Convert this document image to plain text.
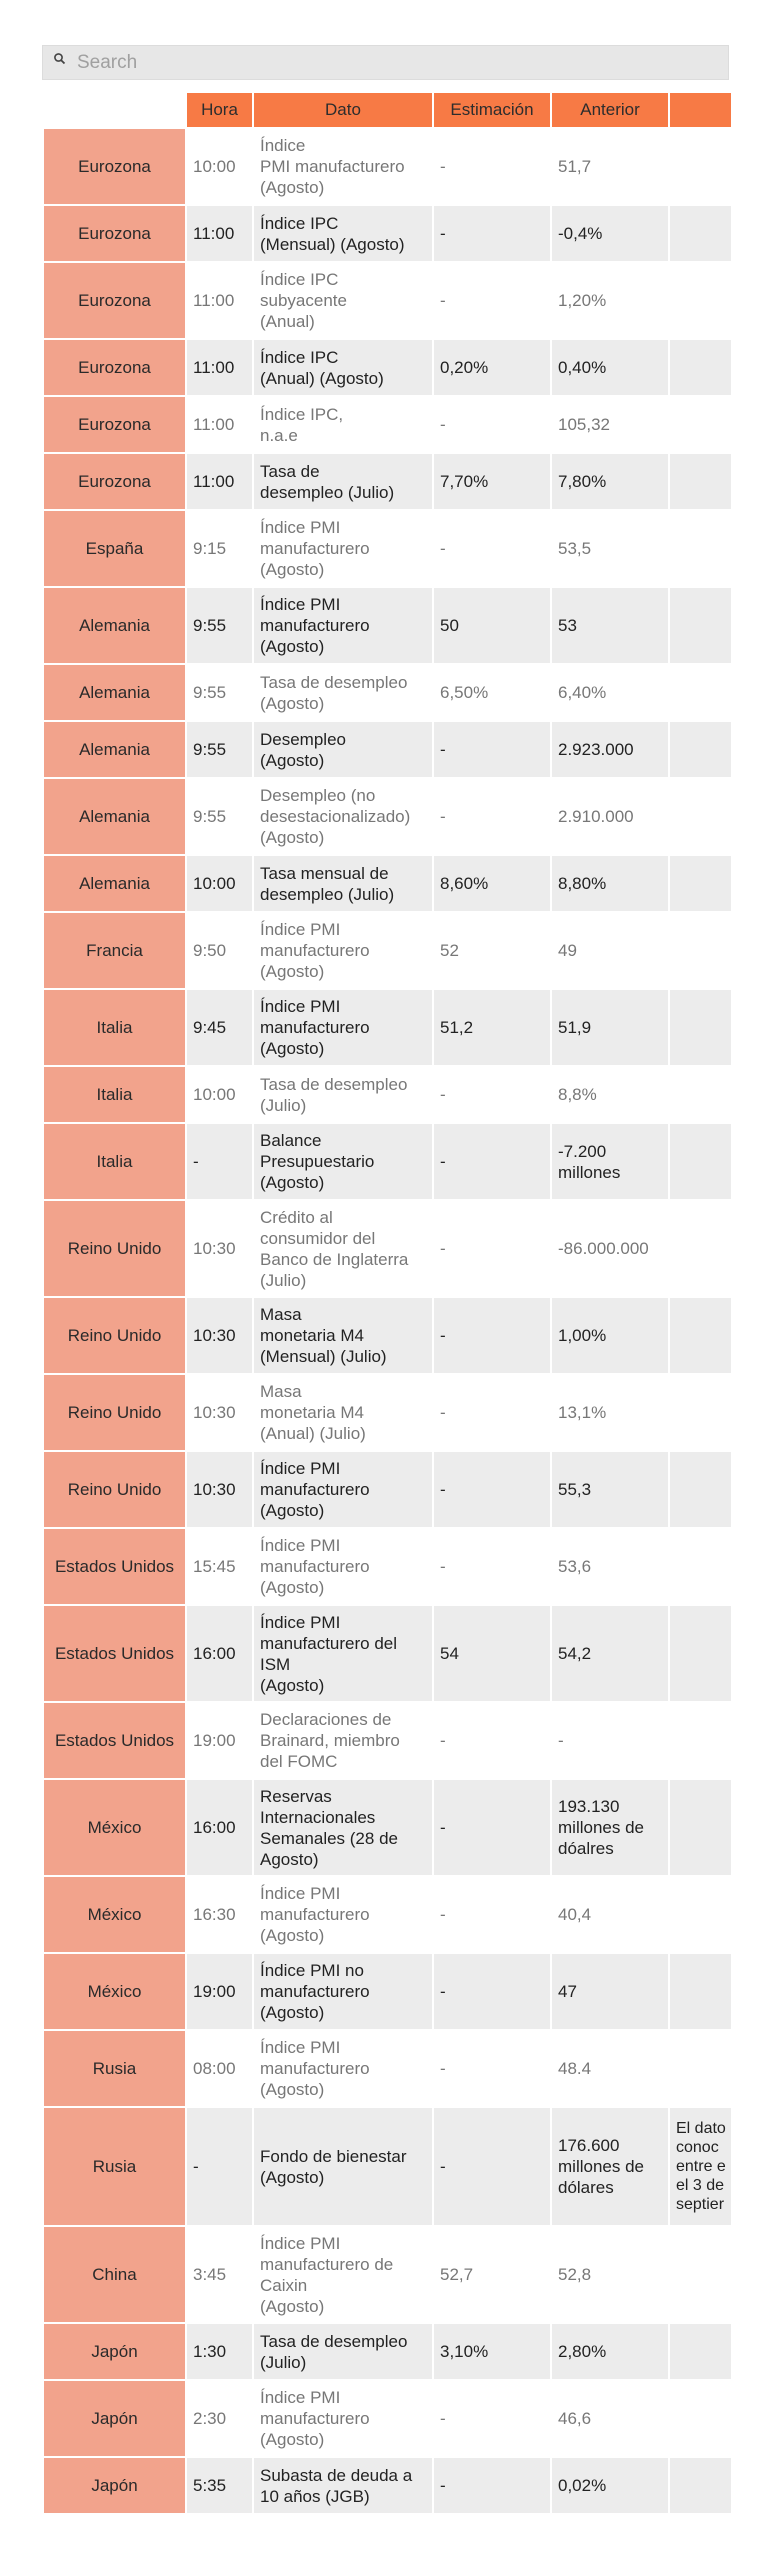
Search
	Hora	Dato	Estimación	Anterior	
Eurozona	10:00	Índice
PMI manufacturero
(Agosto)	-	51,7	
Eurozona	11:00	Índice IPC
(Mensual) (Agosto)	-	-0,4%	
Eurozona	11:00	Índice IPC
subyacente
(Anual)	-	1,20%	
Eurozona	11:00	Índice IPC
(Anual) (Agosto)	0,20%	0,40%	
Eurozona	11:00	Índice IPC,
n.a.e	-	105,32	
Eurozona	11:00	Tasa de
desempleo (Julio)	7,70%	7,80%	
España	9:15	Índice PMI
manufacturero
(Agosto)	-	53,5	
Alemania	9:55	Índice PMI
manufacturero
(Agosto)	50	53	
Alemania	9:55	Tasa de desempleo
(Agosto)	6,50%	6,40%	
Alemania	9:55	Desempleo
(Agosto)	-	2.923.000	
Alemania	9:55	Desempleo (no
desestacionalizado)
(Agosto)	-	2.910.000	
Alemania	10:00	Tasa mensual de
desempleo (Julio)	8,60%	8,80%	
Francia	9:50	Índice PMI
manufacturero
(Agosto)	52	49	
Italia	9:45	Índice PMI
manufacturero
(Agosto)	51,2	51,9	
Italia	10:00	Tasa de desempleo
(Julio)	-	8,8%	
Italia	-	Balance
Presupuestario
(Agosto)	-	-7.200
millones	
Reino Unido	10:30	Crédito al
consumidor del
Banco de Inglaterra
(Julio)	-	-86.000.000	
Reino Unido	10:30	Masa
monetaria M4
(Mensual) (Julio)	-	1,00%	
Reino Unido	10:30	Masa
monetaria M4
(Anual) (Julio)	-	13,1%	
Reino Unido	10:30	Índice PMI
manufacturero
(Agosto)	-	55,3	
Estados Unidos	15:45	Índice PMI
manufacturero
(Agosto)	-	53,6	
Estados Unidos	16:00	Índice PMI
manufacturero del
ISM
(Agosto)	54	54,2	
Estados Unidos	19:00	Declaraciones de
Brainard, miembro
del FOMC	-	-	
México	16:00	Reservas
Internacionales
Semanales (28 de
Agosto)	-	193.130
millones de
dóalres	
México	16:30	Índice PMI
manufacturero
(Agosto)	-	40,4	
México	19:00	Índice PMI no
manufacturero
(Agosto)	-	47	
Rusia	08:00	Índice PMI
manufacturero
(Agosto)	-	48.4	
Rusia	-	Fondo de bienestar
(Agosto)	-	176.600
millones de
dólares	El dato
conoc
entre e
el 3 de
septier
China	3:45	Índice PMI
manufacturero de
Caixin
(Agosto)	52,7	52,8	
Japón	1:30	Tasa de desempleo
(Julio)	3,10%	2,80%	
Japón	2:30	Índice PMI
manufacturero
(Agosto)	-	46,6	
Japón	5:35	Subasta de deuda a
10 años (JGB)	-	0,02%	
